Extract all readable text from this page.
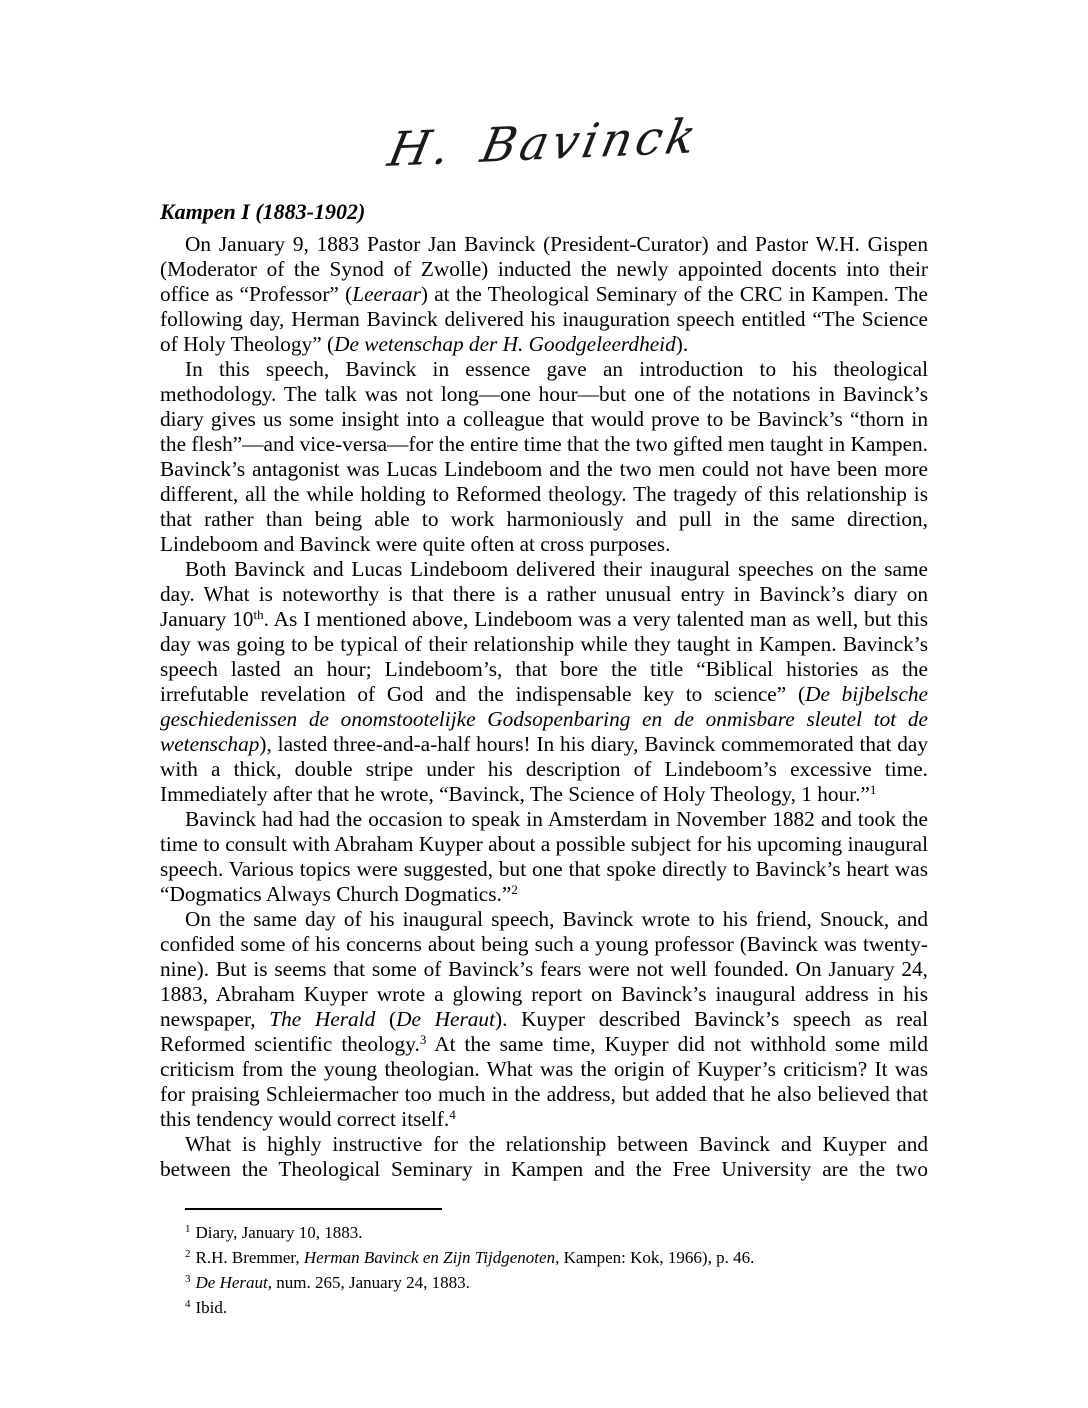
H. Bavinck
Kampen I (1883-1902)

On January 9, 1883 Pastor Jan Bavinck (President-Curator) and Pastor W.H. Gispen (Moderator of the Synod of Zwolle) inducted the newly appointed docents into their office as “Professor” (Leeraar) at the Theological Seminary of the CRC in Kampen. The following day, Herman Bavinck delivered his inauguration speech entitled “The Science of Holy Theology” (De wetenschap der H. Goodgeleerdheid).

In this speech, Bavinck in essence gave an introduction to his theological methodology. The talk was not long—one hour—but one of the notations in Bavinck’s diary gives us some insight into a colleague that would prove to be Bavinck’s “thorn in the flesh”—and vice-versa—for the entire time that the two gifted men taught in Kampen. Bavinck’s antagonist was Lucas Lindeboom and the two men could not have been more different, all the while holding to Reformed theology. The tragedy of this relationship is that rather than being able to work harmoniously and pull in the same direction, Lindeboom and Bavinck were quite often at cross purposes.

Both Bavinck and Lucas Lindeboom delivered their inaugural speeches on the same day. What is noteworthy is that there is a rather unusual entry in Bavinck’s diary on January 10th. As I mentioned above, Lindeboom was a very talented man as well, but this day was going to be typical of their relationship while they taught in Kampen. Bavinck’s speech lasted an hour; Lindeboom’s, that bore the title “Biblical histories as the irrefutable revelation of God and the indispensable key to science” (De bijbelsche geschiedenissen de onomstootelijke Godsopenbaring en de onmisbare sleutel tot de wetenschap), lasted three-and-a-half hours! In his diary, Bavinck commemorated that day with a thick, double stripe under his description of Lindeboom’s excessive time. Immediately after that he wrote, “Bavinck, The Science of Holy Theology, 1 hour.”$^1$

Bavinck had had the occasion to speak in Amsterdam in November 1882 and took the time to consult with Abraham Kuyper about a possible subject for his upcoming inaugural speech. Various topics were suggested, but one that spoke directly to Bavinck’s heart was “Dogmatics Always Church Dogmatics.”$^2$

On the same day of his inaugural speech, Bavinck wrote to his friend, Snouck, and confided some of his concerns about being such a young professor (Bavinck was twenty-nine). But is seems that some of Bavinck’s fears were not well founded. On January 24, 1883, Abraham Kuyper wrote a glowing report on Bavinck’s inaugural address in his newspaper, The Herald (De Heraut). Kuyper described Bavinck’s speech as real Reformed scientific theology.$^3$ At the same time, Kuyper did not withhold some mild criticism from the young theologian. What was the origin of Kuyper’s criticism? It was for praising Schleiermacher too much in the address, but added that he also believed that this tendency would correct itself.$^4$

What is highly instructive for the relationship between Bavinck and Kuyper and between the Theological Seminary in Kampen and the Free University are the two

$^1$ Diary, January 10, 1883.

$^2$ R.H. Bremmer, Herman Bavinck en Zijn Tijdgenoten, Kampen: Kok, 1966), p. 46.

$^3$ De Heraut, num. 265, January 24, 1883.

$^4$ Ibid.
